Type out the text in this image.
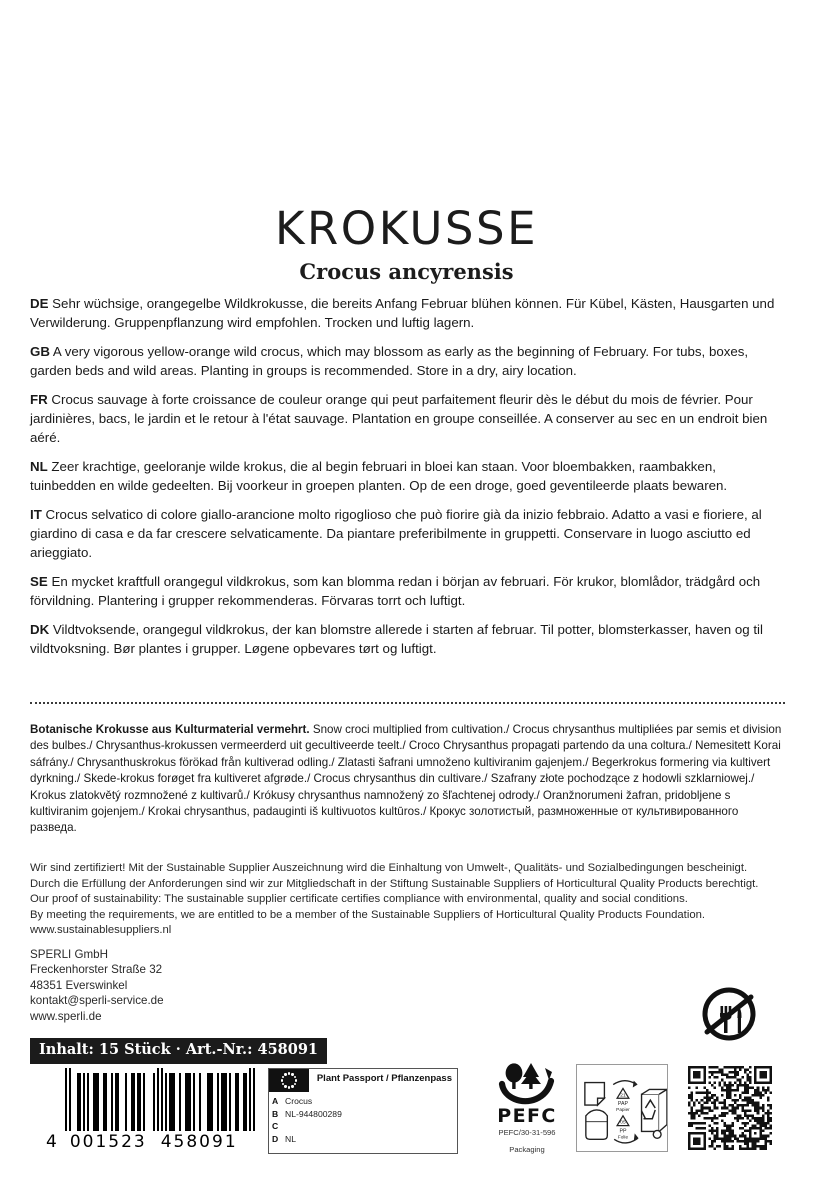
KROKUSSE
Crocus ancyrensis

DE Sehr wüchsige, orangegelbe Wildkrokusse, die bereits Anfang Februar blühen können. Für Kübel, Kästen, Hausgarten und Verwilderung. Gruppenpflanzung wird empfohlen. Trocken und luftig lagern.

GB A very vigorous yellow-orange wild crocus, which may blossom as early as the beginning of February. For tubs, boxes, garden beds and wild areas. Planting in groups is recommended. Store in a dry, airy location.

FR Crocus sauvage à forte croissance de couleur orange qui peut parfaitement fleurir dès le début du mois de février. Pour jardinières, bacs, le jardin et le retour à l'état sauvage. Plantation en groupe conseillée. A conserver au sec en un endroit bien aéré.

NL Zeer krachtige, geeloranje wilde krokus, die al begin februari in bloei kan staan. Voor bloembakken, raambakken, tuinbedden en wilde gedeelten. Bij voorkeur in groepen planten. Op de een droge, goed geventileerde plaats bewaren.

IT Crocus selvatico di colore giallo-arancione molto rigoglioso che può fiorire già da inizio febbraio. Adatto a vasi e fioriere, al giardino di casa e da far crescere selvaticamente. Da piantare preferibilmente in gruppetti. Conservare in luogo asciutto ed arieggiato.

SE En mycket kraftfull orangegul vildkrokus, som kan blomma redan i början av februari. För krukor, blomlådor, trädgård och förvildning. Plantering i grupper rekommenderas. Förvaras torrt och luftigt.

DK Vildtvoksende, orangegul vildkrokus, der kan blomstre allerede i starten af februar. Til potter, blomsterkasser, haven og til vildtvoksning. Bør plantes i grupper. Løgene opbevares tørt og luftigt.

Botanische Krokusse aus Kulturmaterial vermehrt. Snow croci multiplied from cultivation./ Crocus chrysanthus multipliées par semis et division des bulbes./ Chrysanthus-krokussen vermeerderd uit gecultiveerde teelt./ Croco Chrysanthus propagati partendo da una coltura./ Nemesitett Korai sáfrány./ Chrysanthuskrokus förökad från kultiverad odling./ Zlatasti šafrani umnoženo kultiviranim gajenjem./ Begerkrokus formering via kultivert dyrkning./ Skede-krokus forøget fra kultiveret afgrøde./ Crocus chrysanthus din cultivare./ Szafrany złote pochodzące z hodowli szklarniowej./ Krokus zlatokvětý rozmnožené z kultivarů./ Krókusy chrysanthus namnožený zo šľachtenej odrody./ Oranžnorumeni žafran, pridobljene s kultiviranim gojenjem./ Krokai chrysanthus, padauginti iš kultivuotos kultūros./ Крокус золотистый, размноженные от культивированного разведа.
Wir sind zertifiziert! Mit der Sustainable Supplier Auszeichnung wird die Einhaltung von Umwelt-, Qualitäts- und Sozialbedingungen bescheinigt.
Durch die Erfüllung der Anforderungen sind wir zur Mitgliedschaft in der Stiftung Sustainable Suppliers of Horticultural Quality Products berechtigt.
Our proof of sustainability: The sustainable supplier certificate certifies compliance with environmental, quality and social conditions.
By meeting the requirements, we are entitled to be a member of the Sustainable Suppliers of Horticultural Quality Products Foundation.
www.sustainablesuppliers.nl
SPERLI GmbH
Freckenhorster Straße 32
48351 Everswinkel
kontakt@sperli-service.de
www.sperli.de
Inhalt: 15 Stück · Art.-Nr.: 458091
4 001523 458091
Plant Passport / Pflanzenpass
A Crocus
B NL-944800289
C
D NL
PEFC
PEFC/30-31-596
Packaging
21
PAP
Papier
05
PP
Folie
